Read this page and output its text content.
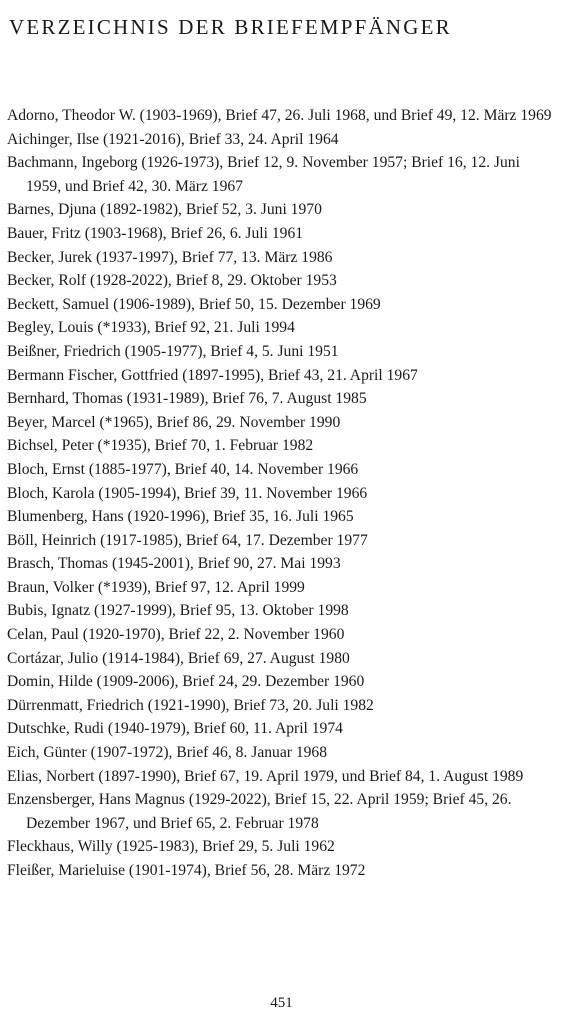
VERZEICHNIS DER BRIEFEMPFÄNGER
Adorno, Theodor W. (1903-1969), Brief 47, 26. Juli 1968, und Brief 49, 12. März 1969
Aichinger, Ilse (1921-2016), Brief 33, 24. April 1964
Bachmann, Ingeborg (1926-1973), Brief 12, 9. November 1957; Brief 16, 12. Juni 1959, und Brief 42, 30. März 1967
Barnes, Djuna (1892-1982), Brief 52, 3. Juni 1970
Bauer, Fritz (1903-1968), Brief 26, 6. Juli 1961
Becker, Jurek (1937-1997), Brief 77, 13. März 1986
Becker, Rolf (1928-2022), Brief 8, 29. Oktober 1953
Beckett, Samuel (1906-1989), Brief 50, 15. Dezember 1969
Begley, Louis (*1933), Brief 92, 21. Juli 1994
Beißner, Friedrich (1905-1977), Brief 4, 5. Juni 1951
Bermann Fischer, Gottfried (1897-1995), Brief 43, 21. April 1967
Bernhard, Thomas (1931-1989), Brief 76, 7. August 1985
Beyer, Marcel (*1965), Brief 86, 29. November 1990
Bichsel, Peter (*1935), Brief 70, 1. Februar 1982
Bloch, Ernst (1885-1977), Brief 40, 14. November 1966
Bloch, Karola (1905-1994), Brief 39, 11. November 1966
Blumenberg, Hans (1920-1996), Brief 35, 16. Juli 1965
Böll, Heinrich (1917-1985), Brief 64, 17. Dezember 1977
Brasch, Thomas (1945-2001), Brief 90, 27. Mai 1993
Braun, Volker (*1939), Brief 97, 12. April 1999
Bubis, Ignatz (1927-1999), Brief 95, 13. Oktober 1998
Celan, Paul (1920-1970), Brief 22, 2. November 1960
Cortázar, Julio (1914-1984), Brief 69, 27. August 1980
Domin, Hilde (1909-2006), Brief 24, 29. Dezember 1960
Dürrenmatt, Friedrich (1921-1990), Brief 73, 20. Juli 1982
Dutschke, Rudi (1940-1979), Brief 60, 11. April 1974
Eich, Günter (1907-1972), Brief 46, 8. Januar 1968
Elias, Norbert (1897-1990), Brief 67, 19. April 1979, und Brief 84, 1. August 1989
Enzensberger, Hans Magnus (1929-2022), Brief 15, 22. April 1959; Brief 45, 26. Dezember 1967, und Brief 65, 2. Februar 1978
Fleckhaus, Willy (1925-1983), Brief 29, 5. Juli 1962
Fleißer, Marieluise (1901-1974), Brief 56, 28. März 1972
451
